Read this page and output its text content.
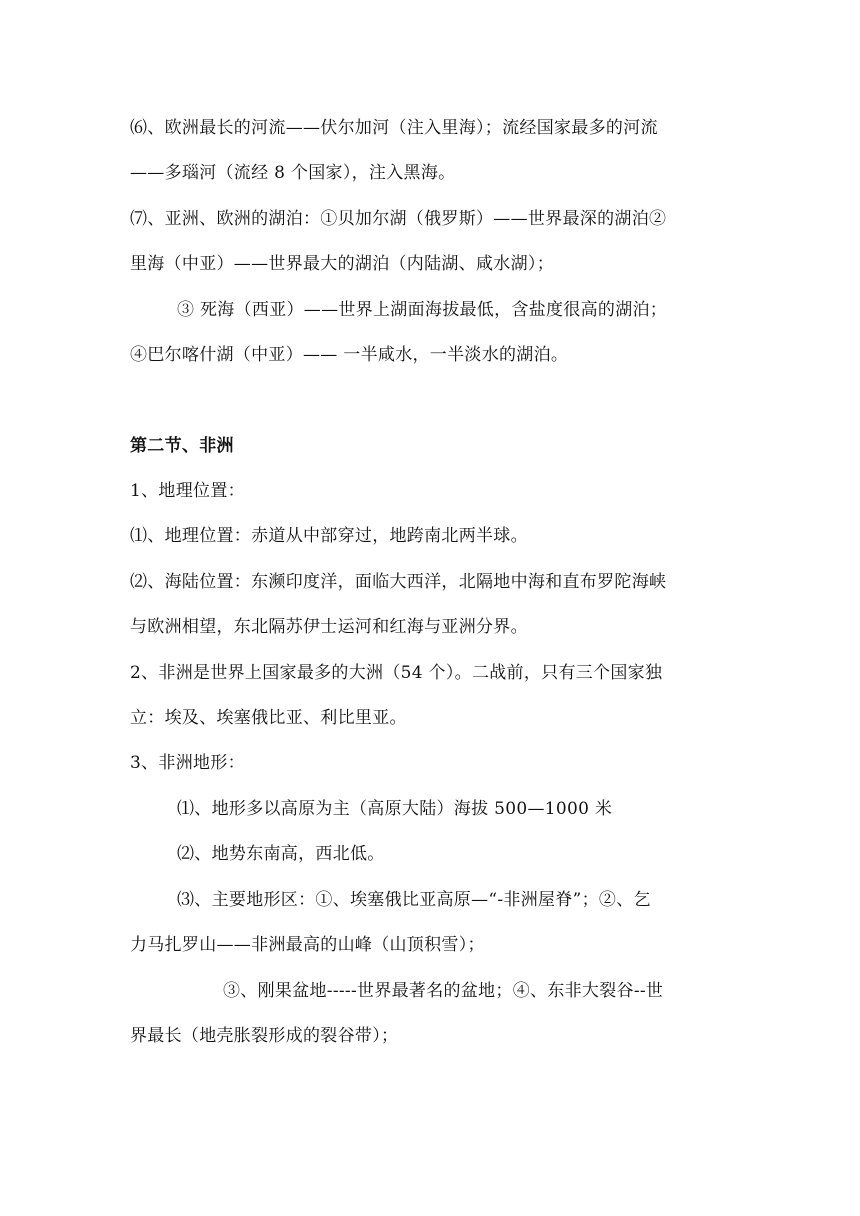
⑹、欧洲最长的河流——伏尔加河（注入里海）；流经国家最多的河流
——多瑙河（流经 8 个国家），注入黑海。
⑺、亚洲、欧洲的湖泊：①贝加尔湖（俄罗斯）——世界最深的湖泊②
里海（中亚）——世界最大的湖泊（内陆湖、咸水湖）；
③ 死海（西亚）——世界上湖面海拔最低，含盐度很高的湖泊；
④巴尔喀什湖（中亚）—— 一半咸水，一半淡水的湖泊。
第二节、非洲
1、地理位置：
⑴、地理位置：赤道从中部穿过，地跨南北两半球。
⑵、海陆位置：东濒印度洋，面临大西洋，北隔地中海和直布罗陀海峡
与欧洲相望，东北隔苏伊士运河和红海与亚洲分界。
2、非洲是世界上国家最多的大洲（54 个）。二战前，只有三个国家独
立：埃及、埃塞俄比亚、利比里亚。
3、非洲地形：
⑴、地形多以高原为主（高原大陆）海拔 500—1000 米
⑵、地势东南高，西北低。
⑶、主要地形区：①、埃塞俄比亚高原—“-非洲屋脊”；②、乞
力马扎罗山——非洲最高的山峰（山顶积雪）；
③、刚果盆地-----世界最著名的盆地；④、东非大裂谷--世
界最长（地壳胀裂形成的裂谷带）；
